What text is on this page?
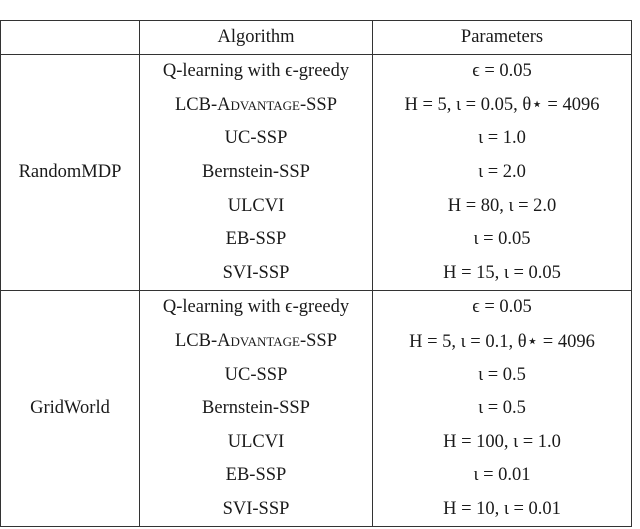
	Algorithm	Parameters
RandomMDP	Q-learning with ϵ-greedy	ϵ = 0.05
	LCB-Advantage-SSP	H = 5, ι = 0.05, θ⋆ = 4096
	UC-SSP	ι = 1.0
	Bernstein-SSP	ι = 2.0
	ULCVI	H = 80, ι = 2.0
	EB-SSP	ι = 0.05
	SVI-SSP	H = 15, ι = 0.05
GridWorld	Q-learning with ϵ-greedy	ϵ = 0.05
	LCB-Advantage-SSP	H = 5, ι = 0.1, θ⋆ = 4096
	UC-SSP	ι = 0.5
	Bernstein-SSP	ι = 0.5
	ULCVI	H = 100, ι = 1.0
	EB-SSP	ι = 0.01
	SVI-SSP	H = 10, ι = 0.01
